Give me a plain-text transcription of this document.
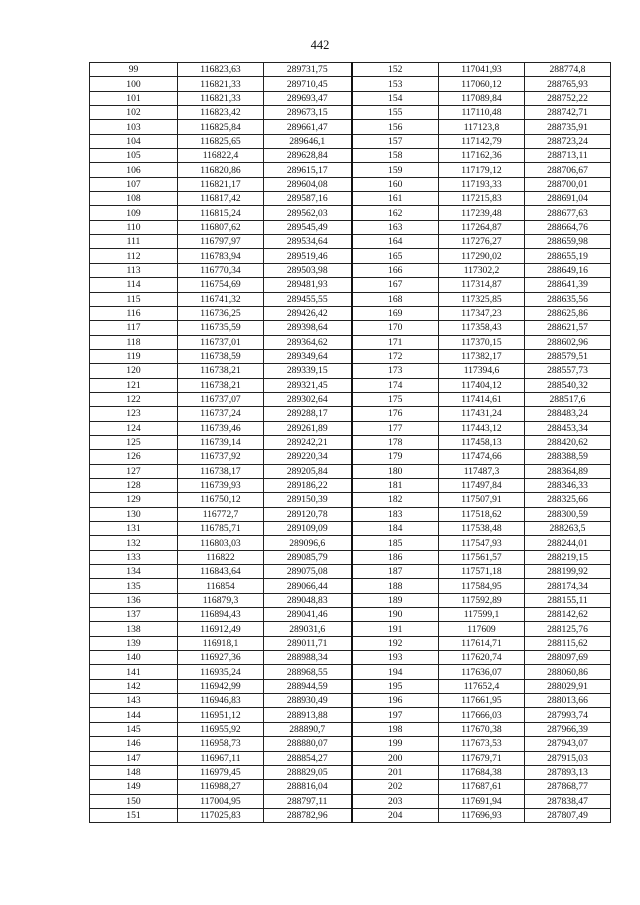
442
99	116823,63	289731,75	152	117041,93	288774,8
100	116821,33	289710,45	153	117060,12	288765,93
101	116821,33	289693,47	154	117089,84	288752,22
102	116823,42	289673,15	155	117110,48	288742,71
103	116825,84	289661,47	156	117123,8	288735,91
104	116825,65	289646,1	157	117142,79	288723,24
105	116822,4	289628,84	158	117162,36	288713,11
106	116820,86	289615,17	159	117179,12	288706,67
107	116821,17	289604,08	160	117193,33	288700,01
108	116817,42	289587,16	161	117215,83	288691,04
109	116815,24	289562,03	162	117239,48	288677,63
110	116807,62	289545,49	163	117264,87	288664,76
111	116797,97	289534,64	164	117276,27	288659,98
112	116783,94	289519,46	165	117290,02	288655,19
113	116770,34	289503,98	166	117302,2	288649,16
114	116754,69	289481,93	167	117314,87	288641,39
115	116741,32	289455,55	168	117325,85	288635,56
116	116736,25	289426,42	169	117347,23	288625,86
117	116735,59	289398,64	170	117358,43	288621,57
118	116737,01	289364,62	171	117370,15	288602,96
119	116738,59	289349,64	172	117382,17	288579,51
120	116738,21	289339,15	173	117394,6	288557,73
121	116738,21	289321,45	174	117404,12	288540,32
122	116737,07	289302,64	175	117414,61	288517,6
123	116737,24	289288,17	176	117431,24	288483,24
124	116739,46	289261,89	177	117443,12	288453,34
125	116739,14	289242,21	178	117458,13	288420,62
126	116737,92	289220,34	179	117474,66	288388,59
127	116738,17	289205,84	180	117487,3	288364,89
128	116739,93	289186,22	181	117497,84	288346,33
129	116750,12	289150,39	182	117507,91	288325,66
130	116772,7	289120,78	183	117518,62	288300,59
131	116785,71	289109,09	184	117538,48	288263,5
132	116803,03	289096,6	185	117547,93	288244,01
133	116822	289085,79	186	117561,57	288219,15
134	116843,64	289075,08	187	117571,18	288199,92
135	116854	289066,44	188	117584,95	288174,34
136	116879,3	289048,83	189	117592,89	288155,11
137	116894,43	289041,46	190	117599,1	288142,62
138	116912,49	289031,6	191	117609	288125,76
139	116918,1	289011,71	192	117614,71	288115,62
140	116927,36	288988,34	193	117620,74	288097,69
141	116935,24	288968,55	194	117636,07	288060,86
142	116942,99	288944,59	195	117652,4	288029,91
143	116946,83	288930,49	196	117661,95	288013,66
144	116951,12	288913,88	197	117666,03	287993,74
145	116955,92	288890,7	198	117670,38	287966,39
146	116958,73	288880,07	199	117673,53	287943,07
147	116967,11	288854,27	200	117679,71	287915,03
148	116979,45	288829,05	201	117684,38	287893,13
149	116988,27	288816,04	202	117687,61	287868,77
150	117004,95	288797,11	203	117691,94	287838,47
151	117025,83	288782,96	204	117696,93	287807,49
